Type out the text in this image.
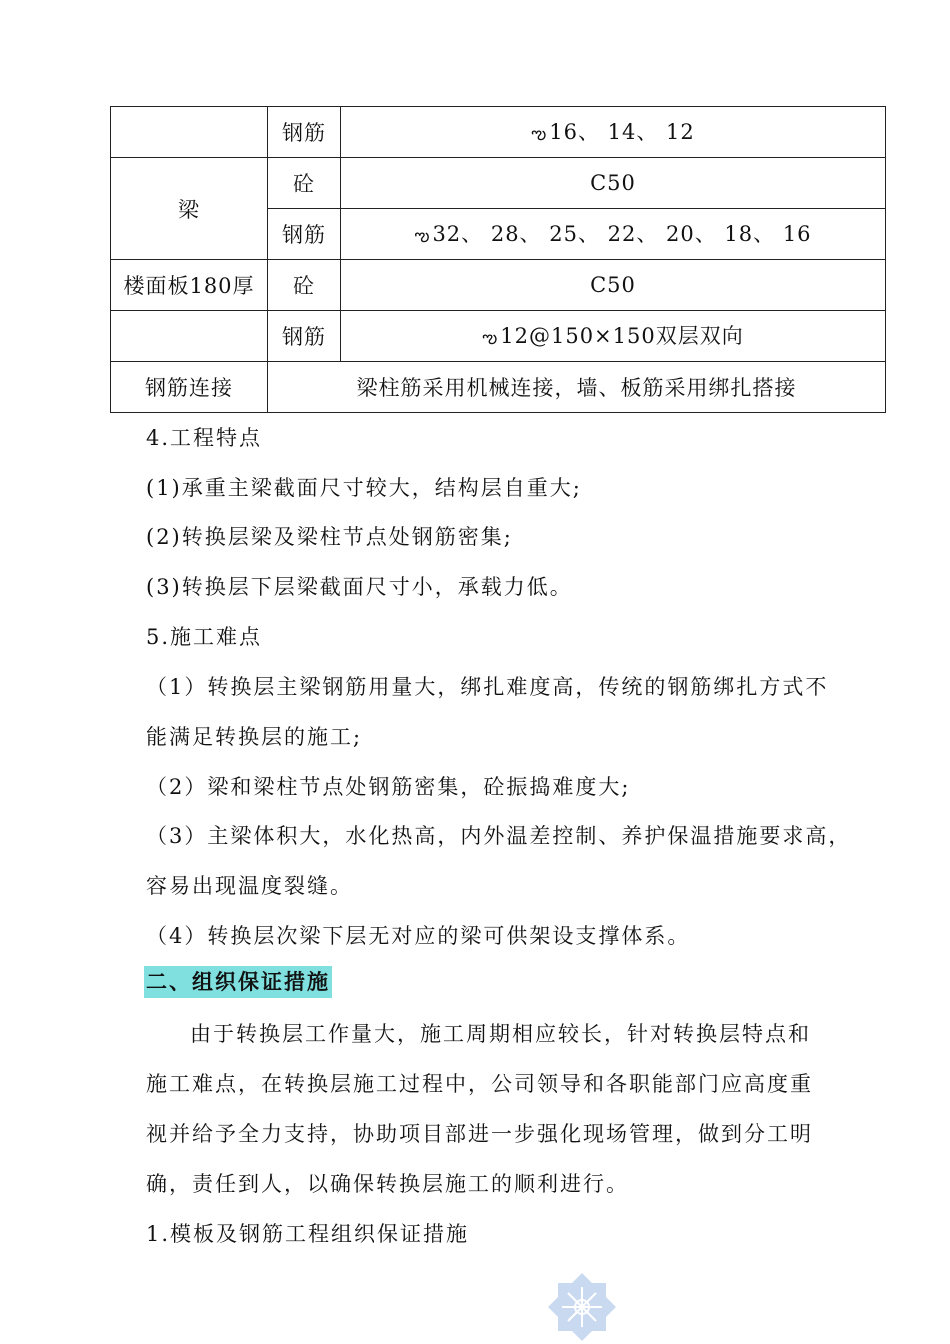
	钢筋	ఌ16、 14、 12
梁	砼	C50
	钢筋	ఌ32、 28、 25、 22、 20、 18、 16
楼面板180厚	砼	C50
	钢筋	ఌ12@150×150双层双向
钢筋连接	梁柱筋采用机械连接，墙、板筋采用绑扎搭接	

4.工程特点

(1)承重主梁截面尺寸较大，结构层自重大;

(2)转换层梁及梁柱节点处钢筋密集;

(3)转换层下层梁截面尺寸小，承载力低。

5.施工难点

（1）转换层主梁钢筋用量大，绑扎难度高，传统的钢筋绑扎方式不

能满足转换层的施工;

（2）梁和梁柱节点处钢筋密集，砼振捣难度大;

（3）主梁体积大，水化热高，内外温差控制、养护保温措施要求高，

容易出现温度裂缝。

（4）转换层次梁下层无对应的梁可供架设支撑体系。

二、组织保证措施

由于转换层工作量大，施工周期相应较长，针对转换层特点和

施工难点，在转换层施工过程中，公司领导和各职能部门应高度重

视并给予全力支持，协助项目部进一步强化现场管理，做到分工明

确，责任到人，以确保转换层施工的顺利进行。

1.模板及钢筋工程组织保证措施
